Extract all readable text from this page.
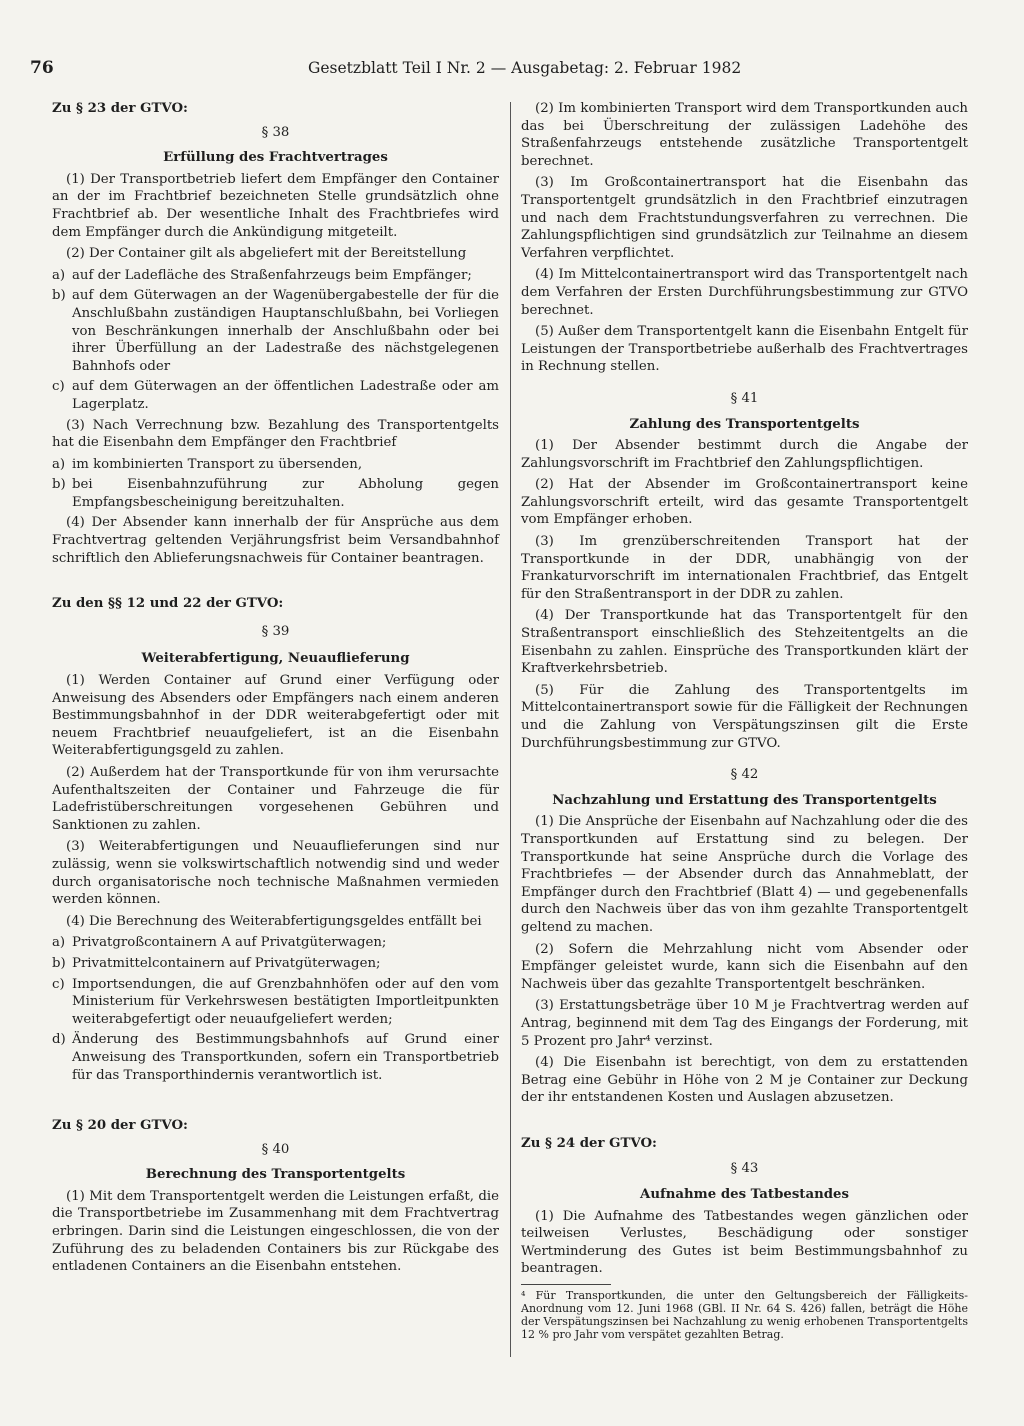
76	Gesetzblatt Teil I Nr. 2 — Ausgabetag: 2. Februar 1982
Zu § 23 der GTVO:
§ 38
Erfüllung des Frachtvertrages

(1) Der Transportbetrieb liefert dem Empfänger den Container an der im Frachtbrief bezeichneten Stelle grundsätzlich ohne Frachtbrief ab. Der wesentliche Inhalt des Frachtbriefes wird dem Empfänger durch die Ankündigung mitgeteilt.

(2) Der Container gilt als abgeliefert mit der Bereitstellung

a) auf der Ladefläche des Straßenfahrzeugs beim Empfänger;
b) auf dem Güterwagen an der Wagenübergabestelle der für die Anschlußbahn zuständigen Hauptanschlußbahn, bei Vorliegen von Beschränkungen innerhalb der Anschlußbahn oder bei ihrer Überfüllung an der Ladestraße des nächstgelegenen Bahnhofs oder
c) auf dem Güterwagen an der öffentlichen Ladestraße oder am Lagerplatz.

(3) Nach Verrechnung bzw. Bezahlung des Transportentgelts hat die Eisenbahn dem Empfänger den Frachtbrief

a) im kombinierten Transport zu übersenden,
b) bei Eisenbahnzuführung zur Abholung gegen Empfangsbescheinigung bereitzuhalten.

(4) Der Absender kann innerhalb der für Ansprüche aus dem Frachtvertrag geltenden Verjährungsfrist beim Versandbahnhof schriftlich den Ablieferungsnachweis für Container beantragen.

Zu den §§ 12 und 22 der GTVO:
§ 39
Weiterabfertigung, Neuauflieferung

(1) Werden Container auf Grund einer Verfügung oder Anweisung des Absenders oder Empfängers nach einem anderen Bestimmungsbahnhof in der DDR weiterabgefertigt oder mit neuem Frachtbrief neuaufgeliefert, ist an die Eisenbahn Weiterabfertigungsgeld zu zahlen.

(2) Außerdem hat der Transportkunde für von ihm verursachte Aufenthaltszeiten der Container und Fahrzeuge die für Ladefristüberschreitungen vorgesehenen Gebühren und Sanktionen zu zahlen.

(3) Weiterabfertigungen und Neuauflieferungen sind nur zulässig, wenn sie volkswirtschaftlich notwendig sind und weder durch organisatorische noch technische Maßnahmen vermieden werden können.

(4) Die Berechnung des Weiterabfertigungsgeldes entfällt bei

a) Privatgroßcontainern A auf Privatgüterwagen;
b) Privatmittelcontainern auf Privatgüterwagen;
c) Importsendungen, die auf Grenzbahnhöfen oder auf den vom Ministerium für Verkehrswesen bestätigten Importleitpunkten weiterabgefertigt oder neuaufgeliefert werden;
d) Änderung des Bestimmungsbahnhofs auf Grund einer Anweisung des Transportkunden, sofern ein Transportbetrieb für das Transporthindernis verantwortlich ist.
Zu § 20 der GTVO:
§ 40
Berechnung des Transportentgelts

(1) Mit dem Transportentgelt werden die Leistungen erfaßt, die die Transportbetriebe im Zusammenhang mit dem Frachtvertrag erbringen. Darin sind die Leistungen eingeschlossen, die von der Zuführung des zu beladenden Containers bis zur Rückgabe des entladenen Containers an die Eisenbahn entstehen.

(2) Im kombinierten Transport wird dem Transportkunden auch das bei Überschreitung der zulässigen Ladehöhe des Straßenfahrzeugs entstehende zusätzliche Transportentgelt berechnet.

(3) Im Großcontainertransport hat die Eisenbahn das Transportentgelt grundsätzlich in den Frachtbrief einzutragen und nach dem Frachtstundungsverfahren zu verrechnen. Die Zahlungspflichtigen sind grundsätzlich zur Teilnahme an diesem Verfahren verpflichtet.

(4) Im Mittelcontainertransport wird das Transportentgelt nach dem Verfahren der Ersten Durchführungsbestimmung zur GTVO berechnet.

(5) Außer dem Transportentgelt kann die Eisenbahn Entgelt für Leistungen der Transportbetriebe außerhalb des Frachtvertrages in Rechnung stellen.

§ 41
Zahlung des Transportentgelts

(1) Der Absender bestimmt durch die Angabe der Zahlungsvorschrift im Frachtbrief den Zahlungspflichtigen.

(2) Hat der Absender im Großcontainertransport keine Zahlungsvorschrift erteilt, wird das gesamte Transportentgelt vom Empfänger erhoben.

(3) Im grenzüberschreitenden Transport hat der Transportkunde in der DDR, unabhängig von der Frankaturvorschrift im internationalen Frachtbrief, das Entgelt für den Straßentransport in der DDR zu zahlen.

(4) Der Transportkunde hat das Transportentgelt für den Straßentransport einschließlich des Stehzeitentgelts an die Eisenbahn zu zahlen. Einsprüche des Transportkunden klärt der Kraftverkehrsbetrieb.

(5) Für die Zahlung des Transportentgelts im Mittelcontainertransport sowie für die Fälligkeit der Rechnungen und die Zahlung von Verspätungszinsen gilt die Erste Durchführungsbestimmung zur GTVO.

§ 42
Nachzahlung und Erstattung des Transportentgelts

(1) Die Ansprüche der Eisenbahn auf Nachzahlung oder die des Transportkunden auf Erstattung sind zu belegen. Der Transportkunde hat seine Ansprüche durch die Vorlage des Frachtbriefes — der Absender durch das Annahmeblatt, der Empfänger durch den Frachtbrief (Blatt 4) — und gegebenenfalls durch den Nachweis über das von ihm gezahlte Transportentgelt geltend zu machen.

(2) Sofern die Mehrzahlung nicht vom Absender oder Empfänger geleistet wurde, kann sich die Eisenbahn auf den Nachweis über das gezahlte Transportentgelt beschränken.

(3) Erstattungsbeträge über 10 M je Frachtvertrag werden auf Antrag, beginnend mit dem Tag des Eingangs der Forderung, mit 5 Prozent pro Jahr⁴ verzinst.

(4) Die Eisenbahn ist berechtigt, von dem zu erstattenden Betrag eine Gebühr in Höhe von 2 M je Container zur Deckung der ihr entstandenen Kosten und Auslagen abzusetzen.

Zu § 24 der GTVO:
§ 43
Aufnahme des Tatbestandes

(1) Die Aufnahme des Tatbestandes wegen gänzlichen oder teilweisen Verlustes, Beschädigung oder sonstiger Wertminderung des Gutes ist beim Bestimmungsbahnhof zu beantragen.

⁴ Für Transportkunden, die unter den Geltungsbereich der Fälligkeits-Anordnung vom 12. Juni 1968 (GBl. II Nr. 64 S. 426) fallen, beträgt die Höhe der Verspätungszinsen bei Nachzahlung zu wenig erhobenen Transportentgelts 12 % pro Jahr vom verspätet gezahlten Betrag.
